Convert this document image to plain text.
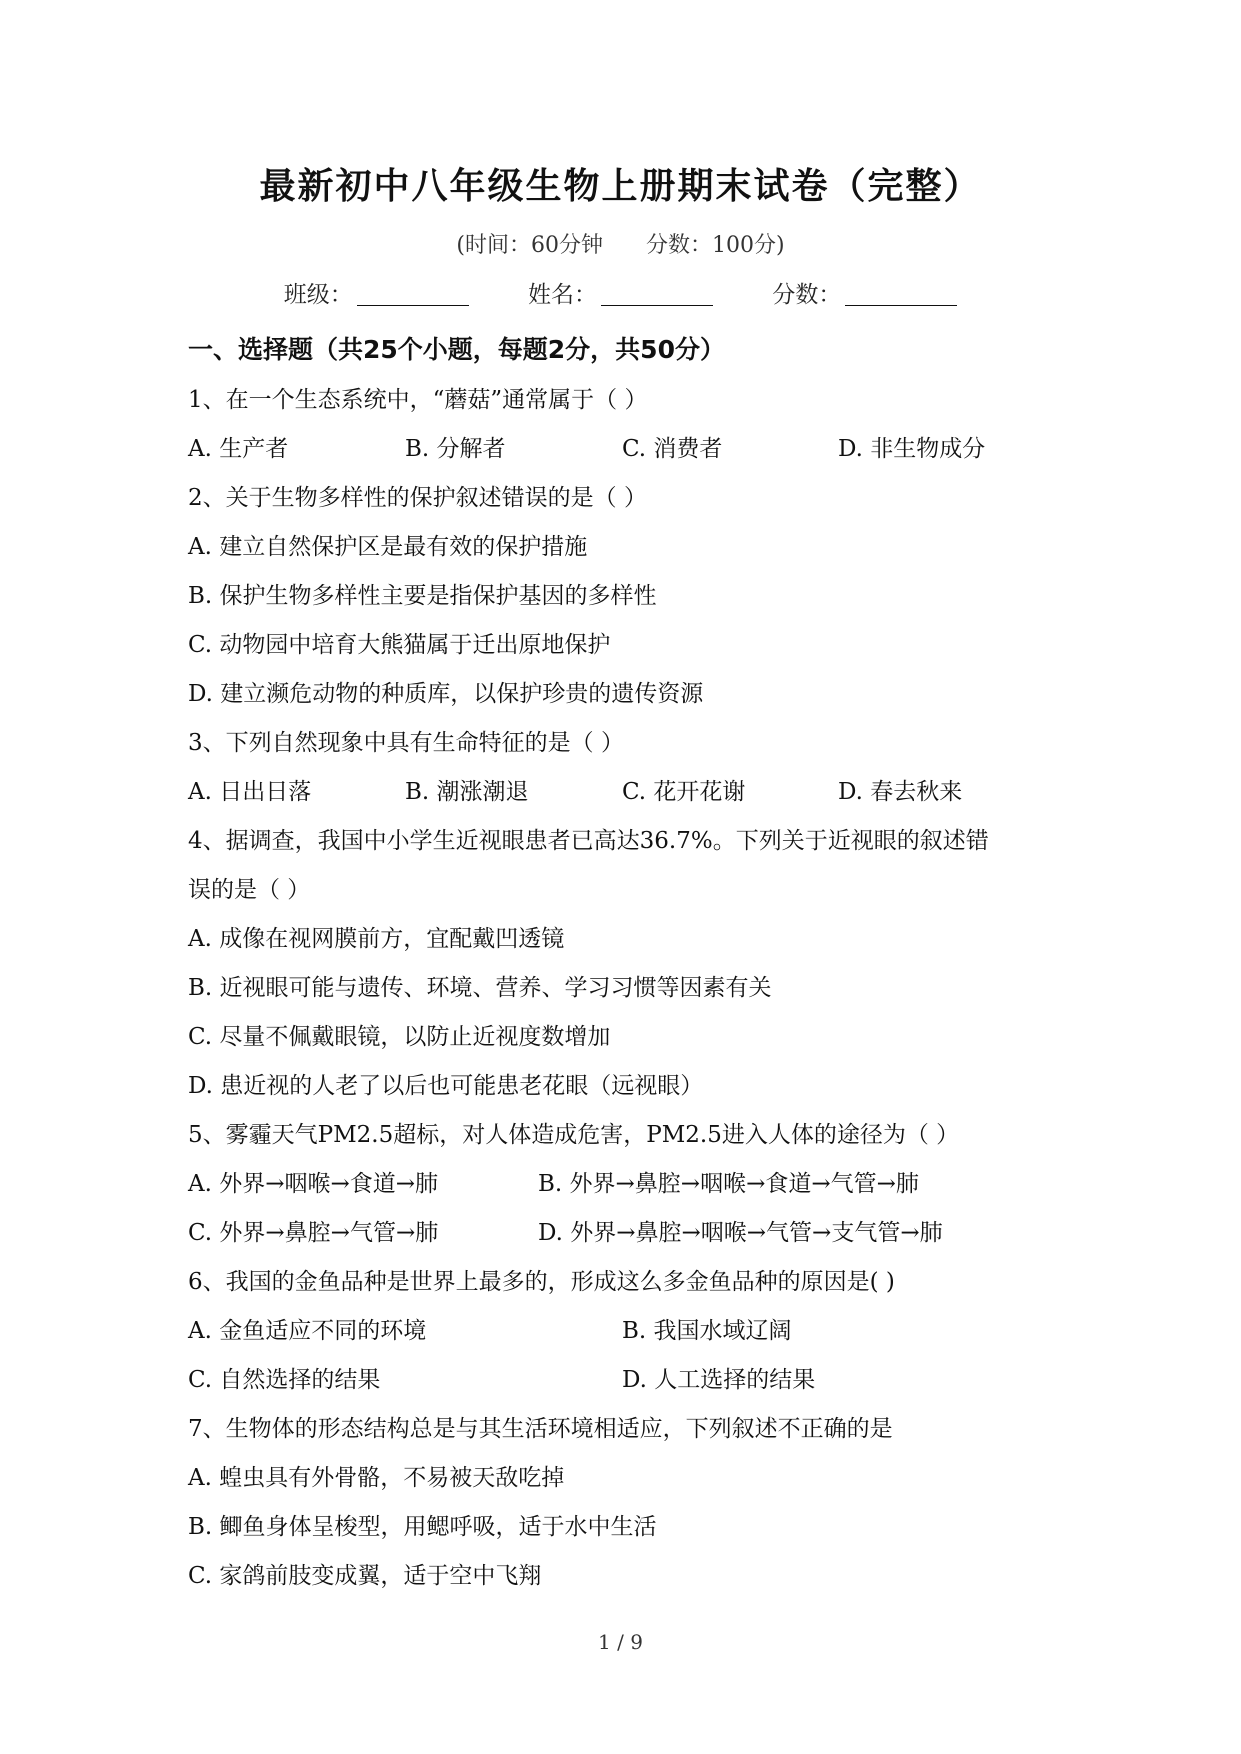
最新初中八年级生物上册期末试卷（完整）
(时间：60分钟 分数：100分)
班级：	姓名：	分数：
一、选择题（共25个小题，每题2分，共50分）
1、在一个生态系统中，“蘑菇”通常属于（ ）
A. 生产者	B. 分解者	C. 消费者	D. 非生物成分
2、关于生物多样性的保护叙述错误的是（ ）
A. 建立自然保护区是最有效的保护措施
B. 保护生物多样性主要是指保护基因的多样性
C. 动物园中培育大熊猫属于迁出原地保护
D. 建立濒危动物的种质库，以保护珍贵的遗传资源
3、下列自然现象中具有生命特征的是（ ）
A. 日出日落	B. 潮涨潮退	C. 花开花谢	D. 春去秋来
4、据调查，我国中小学生近视眼患者已高达36.7%。下列关于近视眼的叙述错
误的是（ ）
A. 成像在视网膜前方，宜配戴凹透镜
B. 近视眼可能与遗传、环境、营养、学习习惯等因素有关
C. 尽量不佩戴眼镜，以防止近视度数增加
D. 患近视的人老了以后也可能患老花眼（远视眼）
5、雾霾天气PM2.5超标，对人体造成危害，PM2.5进入人体的途径为（ ）
A. 外界→咽喉→食道→肺	B. 外界→鼻腔→咽喉→食道→气管→肺
C. 外界→鼻腔→气管→肺	D. 外界→鼻腔→咽喉→气管→支气管→肺
6、我国的金鱼品种是世界上最多的，形成这么多金鱼品种的原因是( )
A. 金鱼适应不同的环境	B. 我国水域辽阔
C. 自然选择的结果	D. 人工选择的结果
7、生物体的形态结构总是与其生活环境相适应，下列叙述不正确的是
A. 蝗虫具有外骨骼，不易被天敌吃掉
B. 鲫鱼身体呈梭型，用鳃呼吸，适于水中生活
C. 家鸽前肢变成翼，适于空中飞翔
1 / 9
